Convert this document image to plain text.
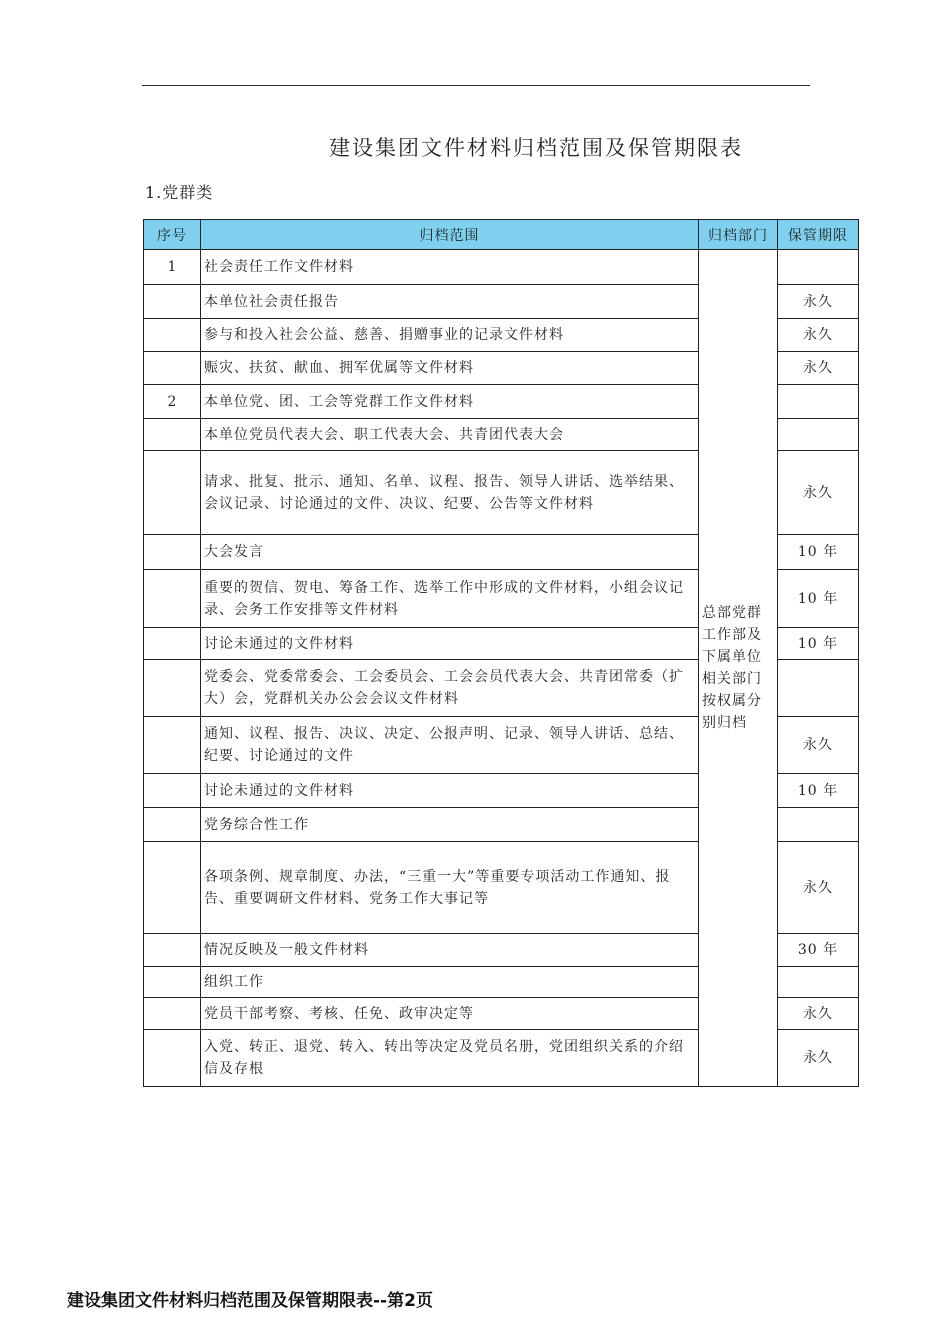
建设集团文件材料归档范围及保管期限表
1.党群类
序号	归档范围	归档部门	保管期限
1	社会责任工作文件材料	总部党群工作部及下属单位相关部门按权属分别归档	
	本单位社会责任报告		永久
	参与和投入社会公益、慈善、捐赠事业的记录文件材料		永久
	赈灾、扶贫、献血、拥军优属等文件材料		永久
2	本单位党、团、工会等党群工作文件材料		
	本单位党员代表大会、职工代表大会、共青团代表大会		
	请求、批复、批示、通知、名单、议程、报告、领导人讲话、选举结果、会议记录、讨论通过的文件、决议、纪要、公告等文件材料		永久
	大会发言		10 年
	重要的贺信、贺电、筹备工作、选举工作中形成的文件材料，小组会议记录、会务工作安排等文件材料		10 年
	讨论未通过的文件材料		10 年
	党委会、党委常委会、工会委员会、工会会员代表大会、共青团常委（扩大）会，党群机关办公会会议文件材料		
	通知、议程、报告、决议、决定、公报声明、记录、领导人讲话、总结、纪要、讨论通过的文件		永久
	讨论未通过的文件材料		10 年
	党务综合性工作		
	各项条例、规章制度、办法，“三重一大”等重要专项活动工作通知、报告、重要调研文件材料、党务工作大事记等		永久
	情况反映及一般文件材料		30 年
	组织工作		
	党员干部考察、考核、任免、政审决定等		永久
	入党、转正、退党、转入、转出等决定及党员名册，党团组织关系的介绍信及存根		永久
建设集团文件材料归档范围及保管期限表--第2页
